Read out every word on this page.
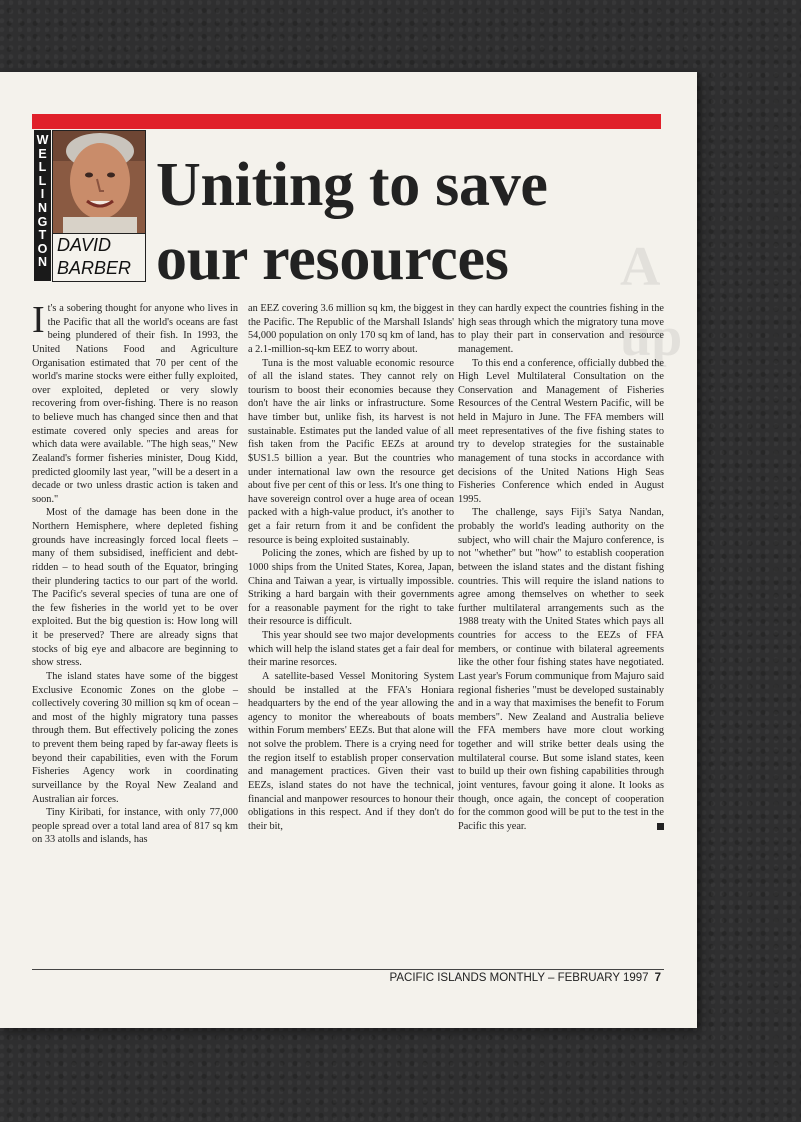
A
up
W
E
L
L
I
N
G
T
O
N
DAVID
BARBER
Uniting to save
our resources

It's a sobering thought for anyone who lives in the Pacific that all the world's oceans are fast being plundered of their fish. In 1993, the United Nations Food and Agriculture Organisation estimated that 70 per cent of the world's marine stocks were either fully exploited, over exploited, depleted or very slowly recovering from over-fishing. There is no reason to believe much has changed since then and that estimate covered only species and areas for which data were available. "The high seas," New Zealand's former fisheries minister, Doug Kidd, predicted gloomily last year, "will be a desert in a decade or two unless drastic action is taken and soon."

Most of the damage has been done in the Northern Hemisphere, where depleted fishing grounds have increasingly forced local fleets – many of them subsidised, inefficient and debt-ridden – to head south of the Equator, bringing their plundering tactics to our part of the world. The Pacific's several species of tuna are one of the few fisheries in the world yet to be over exploited. But the big question is: How long will it be preserved? There are already signs that stocks of big eye and albacore are beginning to show stress.

The island states have some of the biggest Exclusive Economic Zones on the globe – collectively covering 30 million sq km of ocean – and most of the highly migratory tuna passes through them. But effectively policing the zones to prevent them being raped by far-away fleets is beyond their capabilities, even with the Forum Fisheries Agency work in coordinating surveillance by the Royal New Zealand and Australian air forces.

Tiny Kiribati, for instance, with only 77,000 people spread over a total land area of 817 sq km on 33 atolls and islands, has

an EEZ covering 3.6 million sq km, the biggest in the Pacific. The Republic of the Marshall Islands' 54,000 population on only 170 sq km of land, has a 2.1-million-sq-km EEZ to worry about.

Tuna is the most valuable economic resource of all the island states. They cannot rely on tourism to boost their economies because they don't have the air links or infrastructure. Some have timber but, unlike fish, its harvest is not sustainable. Estimates put the landed value of all fish taken from the Pacific EEZs at around $US1.5 billion a year. But the countries who under international law own the resource get about five per cent of this or less. It's one thing to have sovereign control over a huge area of ocean packed with a high-value product, it's another to get a fair return from it and be confident the resource is being exploited sustainably.

Policing the zones, which are fished by up to 1000 ships from the United States, Korea, Japan, China and Taiwan a year, is virtually impossible. Striking a hard bargain with their governments for a reasonable payment for the right to take their resource is difficult.

This year should see two major developments which will help the island states get a fair deal for their marine resorces.

A satellite-based Vessel Monitoring System should be installed at the FFA's Honiara headquarters by the end of the year allowing the agency to monitor the whereabouts of boats within Forum members' EEZs. But that alone will not solve the problem. There is a crying need for the region itself to establish proper conservation and management practices. Given their vast EEZs, island states do not have the technical, financial and manpower resources to honour their obligations in this respect. And if they don't do their bit,

they can hardly expect the countries fishing in the high seas through which the migratory tuna move to play their part in conservation and resource management.

To this end a conference, officially dubbed the High Level Multilateral Consultation on the Conservation and Management of Fisheries Resources of the Central Western Pacific, will be held in Majuro in June. The FFA members will meet representatives of the five fishing states to try to develop strategies for the sustainable management of tuna stocks in accordance with decisions of the United Nations High Seas Fisheries Conference which ended in August 1995.

The challenge, says Fiji's Satya Nandan, probably the world's leading authority on the subject, who will chair the Majuro conference, is not "whether" but "how" to establish cooperation between the island states and the distant fishing countries. This will require the island nations to agree among themselves on whether to seek further multilateral arrangements such as the 1988 treaty with the United States which pays all countries for access to the EEZs of FFA members, or continue with bilateral agreements like the other four fishing states have negotiated. Last year's Forum communique from Majuro said regional fisheries "must be developed sustainably and in a way that maximises the benefit to Forum members". New Zealand and Australia believe the FFA members have more clout working together and will strike better deals using the multilateral course. But some island states, keen to build up their own fishing capabilities through joint ventures, favour going it alone. It looks as though, once again, the concept of cooperation for the common good will be put to the test in the Pacific this year.

PACIFIC ISLANDS MONTHLY – FEBRUARY 1997 7
